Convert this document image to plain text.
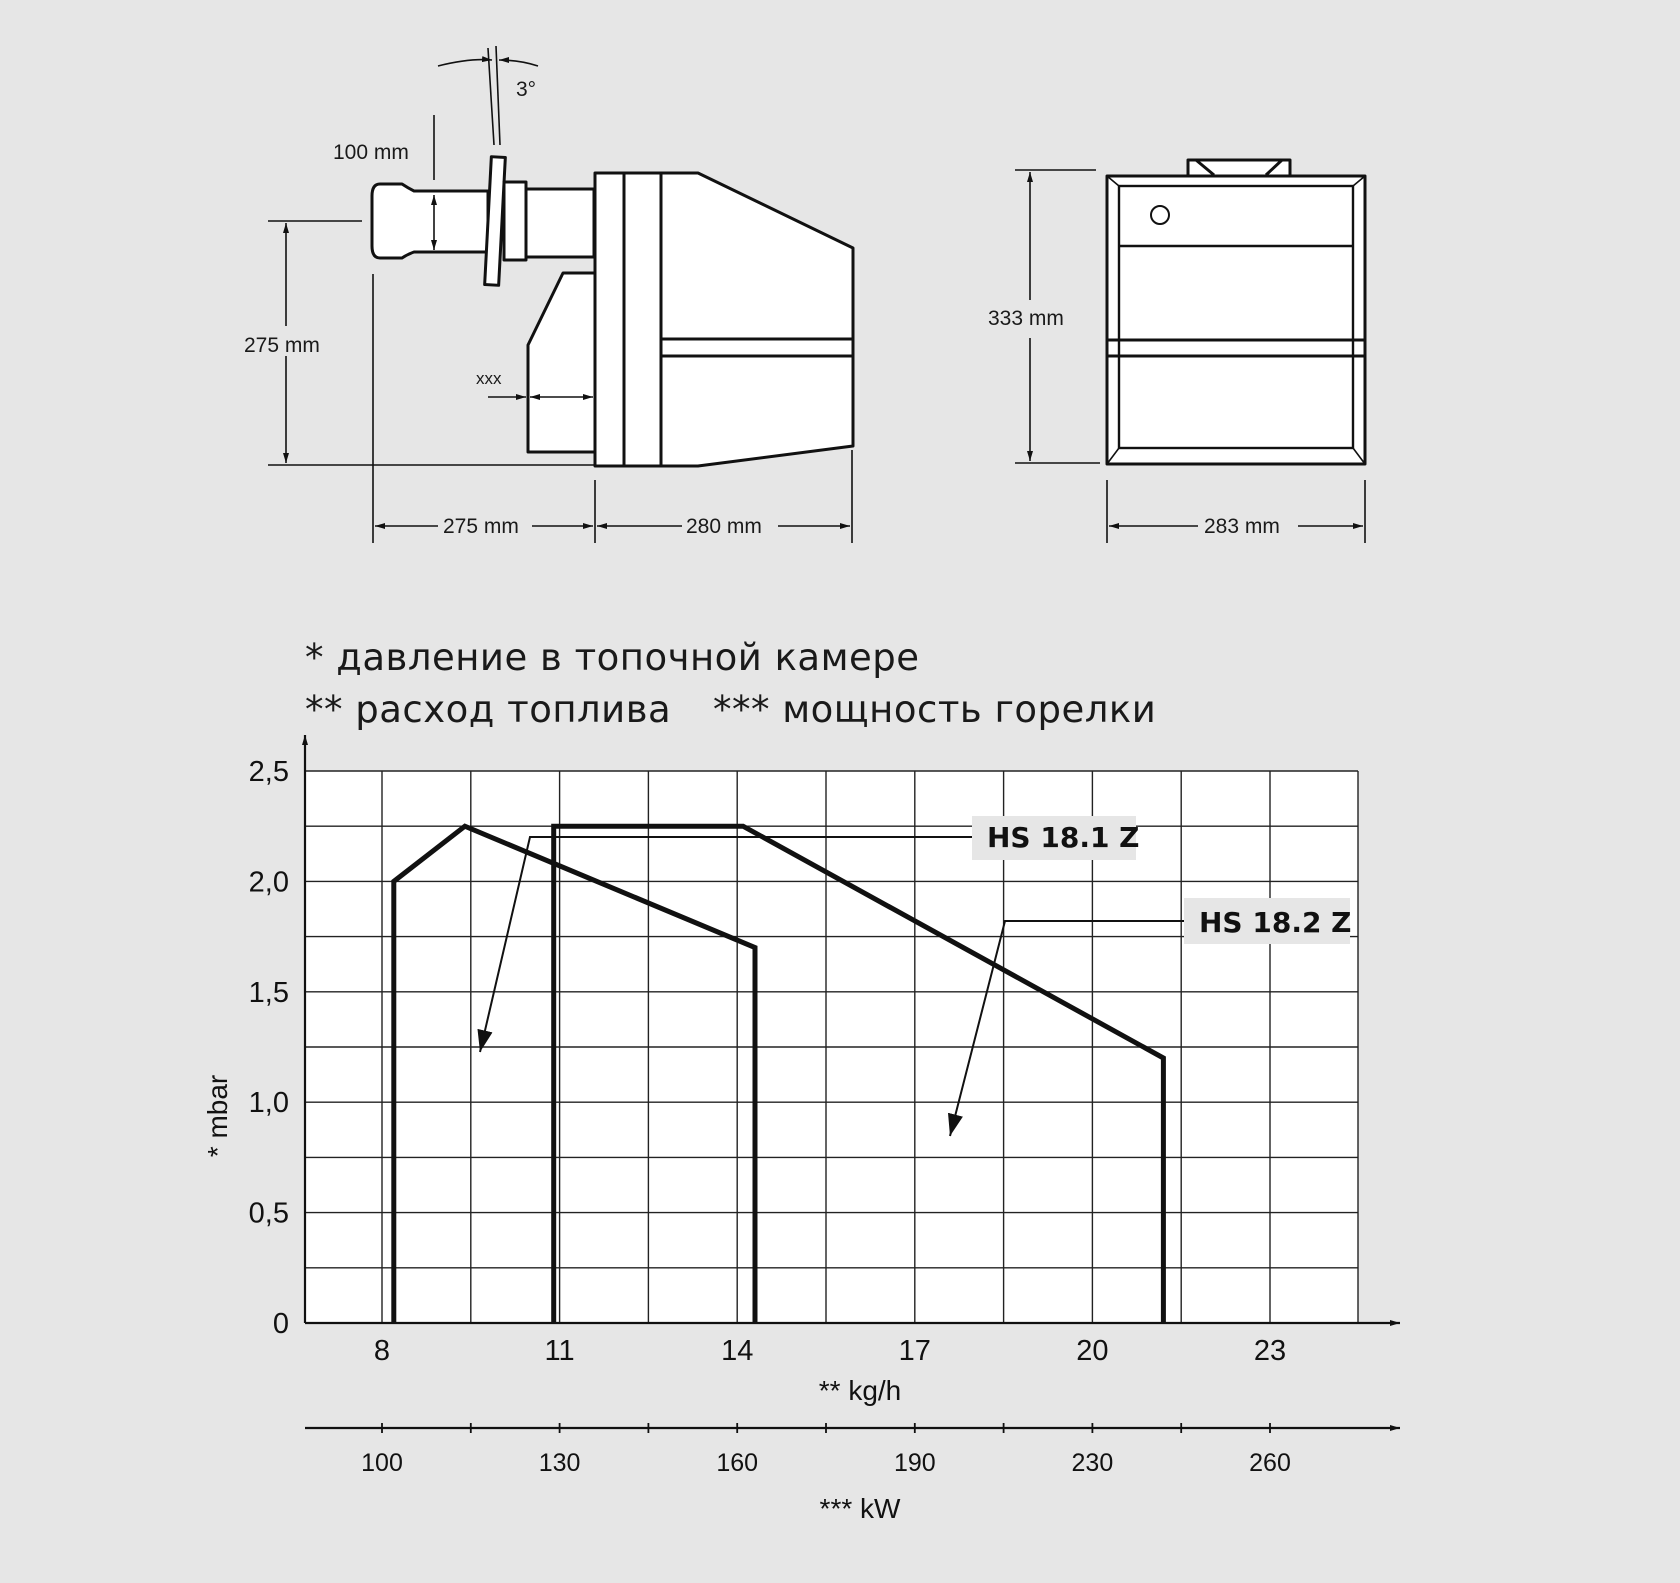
3°
100 mm
275 mm
xxx
275 mm	280 mm
333 mm
283 mm
* давление в топочной камере
** расход топлива *** мощность горелки
0
0,5
1,0
1,5
2,0
2,5
8	11	14	17	20	23
100	130	160	190	230	260
HS 18.1 Z
HS 18.2 Z
* mbar
** kg/h
*** kW
